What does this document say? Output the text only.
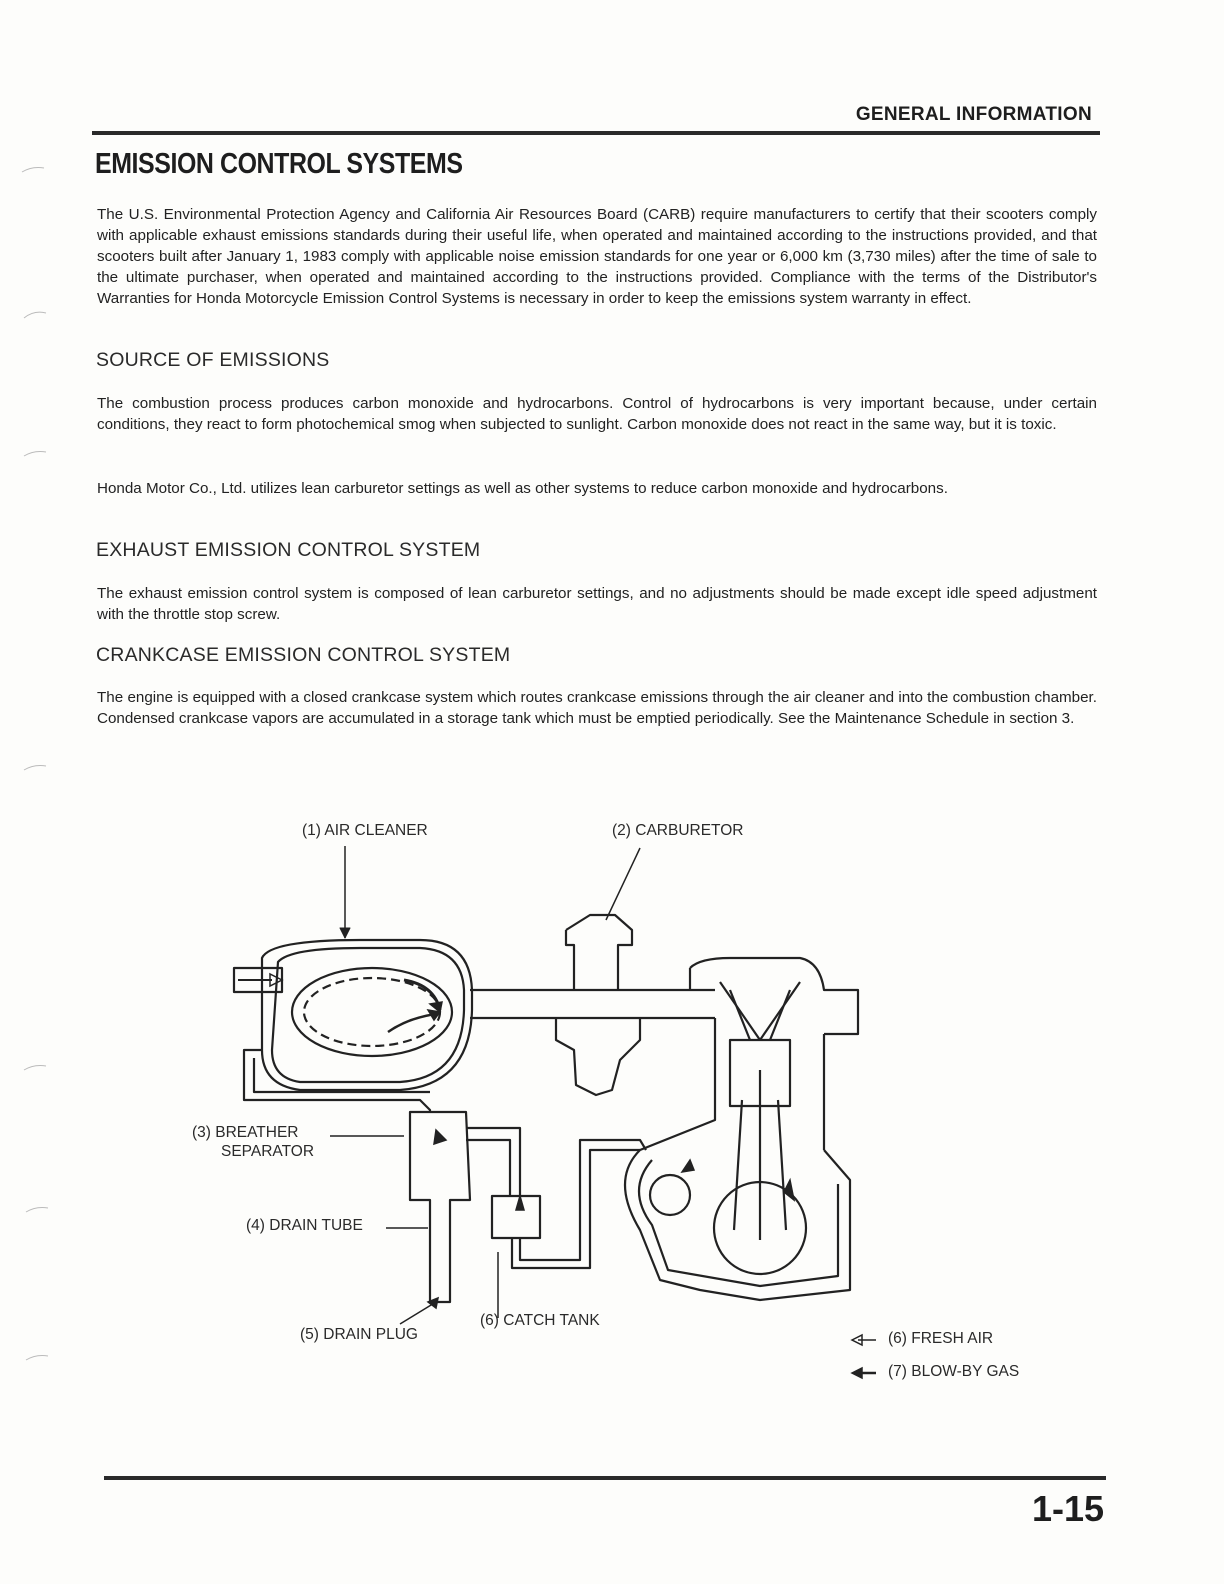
GENERAL INFORMATION
EMISSION CONTROL SYSTEMS

The U.S. Environmental Protection Agency and California Air Resources Board (CARB) require manufacturers to certify that their scooters comply with applicable exhaust emissions standards during their useful life, when operated and maintained according to the instructions provided, and that scooters built after January 1, 1983 comply with applicable noise emission standards for one year or 6,000 km (3,730 miles) after the time of sale to the ultimate purchaser, when operated and maintained according to the instructions provided. Compliance with the terms of the Distributor's Warranties for Honda Motorcycle Emission Control Systems is necessary in order to keep the emissions system warranty in effect.

SOURCE OF EMISSIONS

The combustion process produces carbon monoxide and hydrocarbons. Control of hydrocarbons is very important because, under certain conditions, they react to form photochemical smog when subjected to sunlight. Carbon monoxide does not react in the same way, but it is toxic.

Honda Motor Co., Ltd. utilizes lean carburetor settings as well as other systems to reduce carbon monoxide and hydrocarbons.

EXHAUST EMISSION CONTROL SYSTEM

The exhaust emission control system is composed of lean carburetor settings, and no adjustments should be made except idle speed adjustment with the throttle stop screw.

CRANKCASE EMISSION CONTROL SYSTEM

The engine is equipped with a closed crankcase system which routes crankcase emissions through the air cleaner and into the combustion chamber. Condensed crankcase vapors are accumulated in a storage tank which must be emptied periodically. See the Maintenance Schedule in section 3.

(1) AIR CLEANER	(2) CARBURETOR
(3) BREATHER
SEPARATOR
(4) DRAIN TUBE
(5) DRAIN PLUG
(6) CATCH TANK
(6) FRESH AIR
(7) BLOW-BY GAS
1-15
